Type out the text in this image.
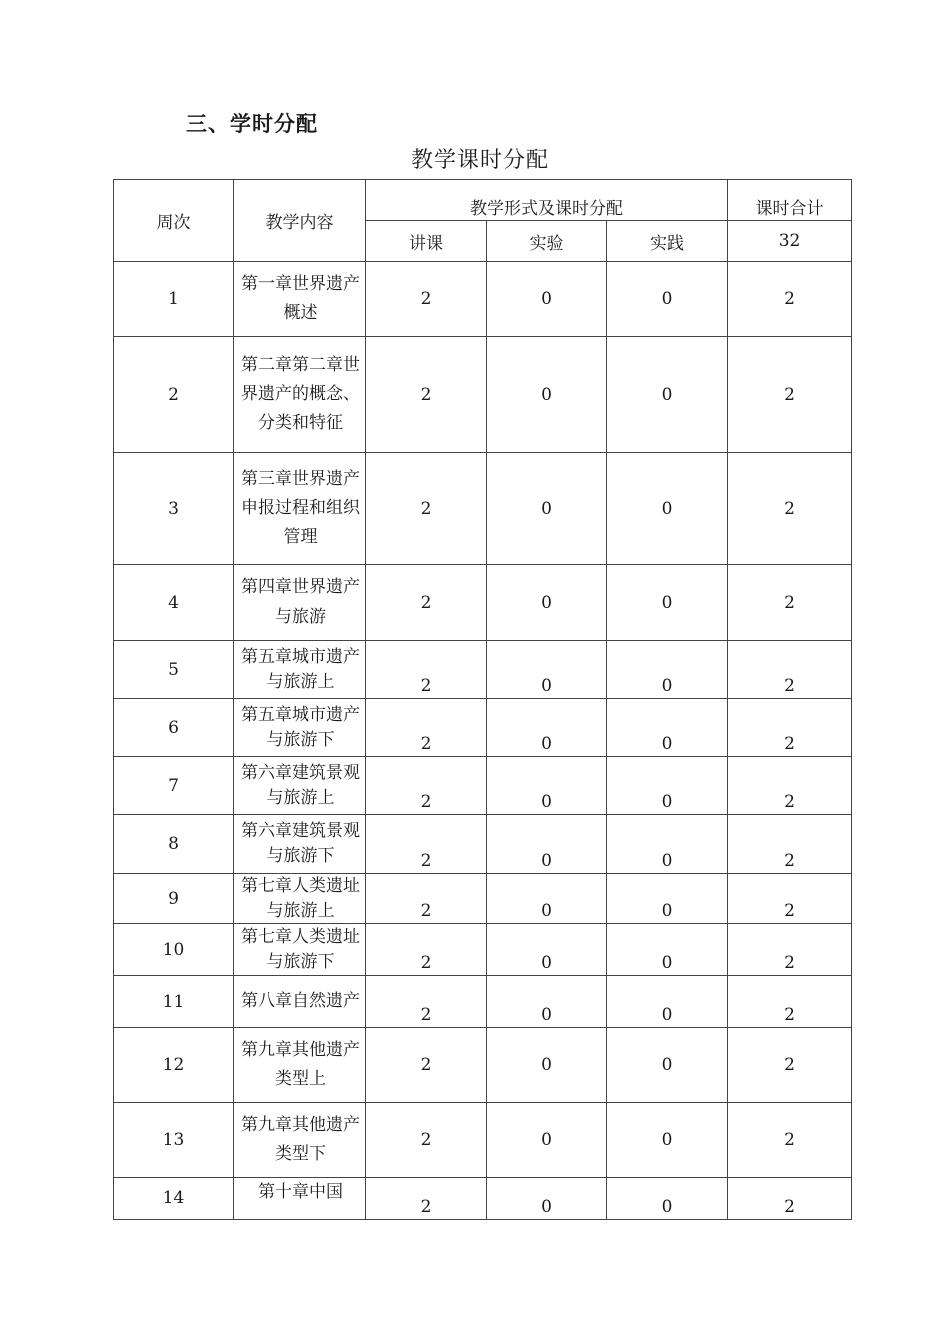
三、学时分配
教学课时分配
周次	教学内容	教学形式及课时分配			课时合计
		讲课	实验	实践	32
1	第一章世界遗产概述	2	0	0	2
2	第二章第二章世界遗产的概念、分类和特征	2	0	0	2
3	第三章世界遗产申报过程和组织管理	2	0	0	2
4	第四章世界遗产与旅游	2	0	0	2
5	第五章城市遗产与旅游上	2	0	0	2
6	第五章城市遗产与旅游下	2	0	0	2
7	第六章建筑景观与旅游上	2	0	0	2
8	第六章建筑景观与旅游下	2	0	0	2
9	第七章人类遗址与旅游上	2	0	0	2
10	第七章人类遗址与旅游下	2	0	0	2
11	第八章自然遗产	2	0	0	2
12	第九章其他遗产类型上	2	0	0	2
13	第九章其他遗产类型下	2	0	0	2
14	第十章中国	2	0	0	2
